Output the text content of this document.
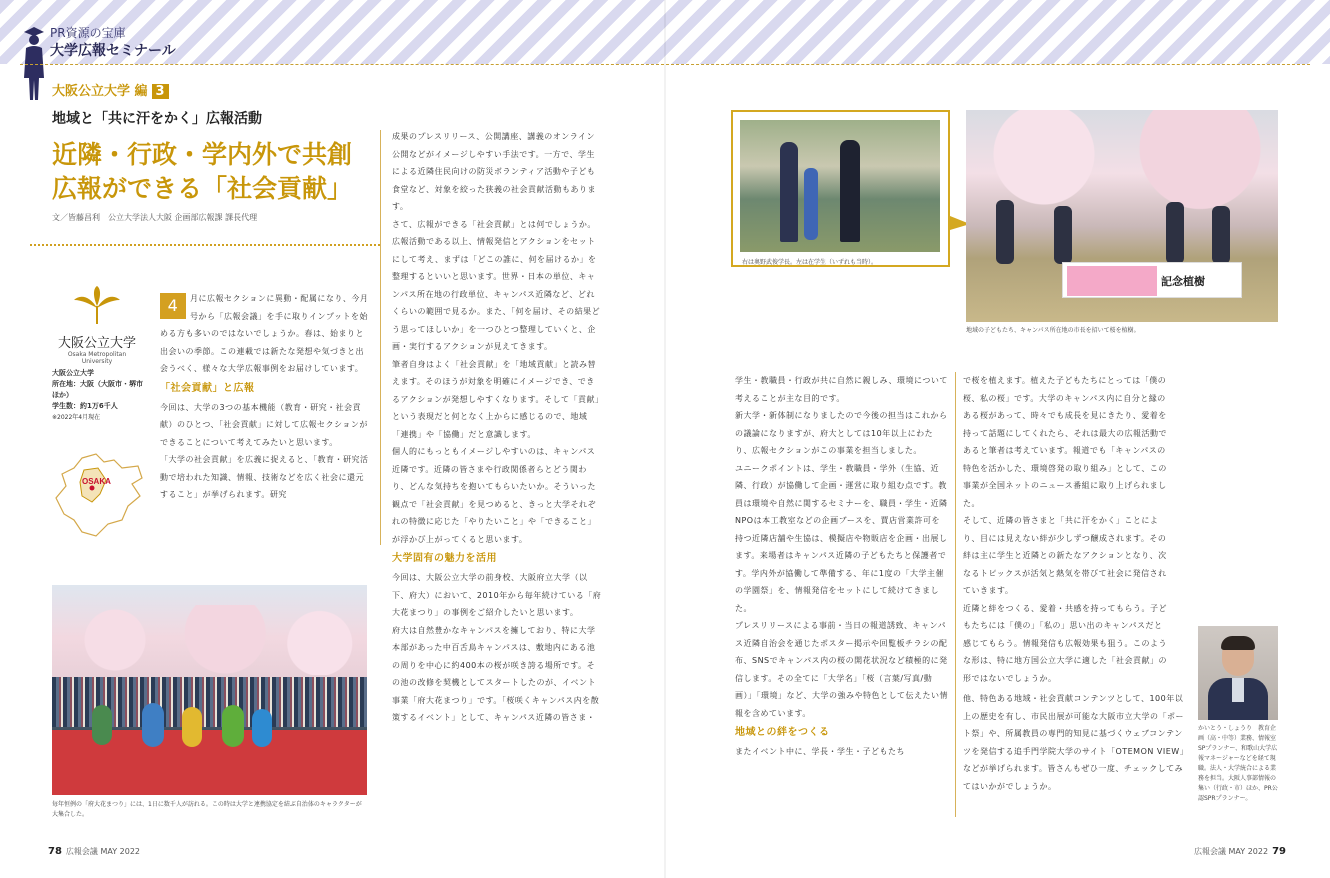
PR資源の宝庫
大学広報セミナール
大阪公立大学 編 3
地域と「共に汗をかく」広報活動
近隣・行政・学内外で共創
広報ができる「社会貢献」
文／皆藤昌利　公立大学法人大阪 企画部広報課 課長代理
大阪公立大学
Osaka Metropolitan University
大阪公立大学
所在地：大阪（大阪市・堺市ほか）
学生数：約1万6千人
※2022年4月現在
OSAKA
4	月に広報セクションに異動・配属になり、今月号から「広報会議」を手に取りインプットを始める方も多いのではないでしょうか。春は、始まりと出会いの季節。この連載では新たな発想や気づきと出会うべく、様々な大学広報事例をお届けしています。

「社会貢献」と広報

今回は、大学の3つの基本機能（教育・研究・社会貢献）のひとつ、「社会貢献」に対して広報セクションができることについて考えてみたいと思います。

「大学の社会貢献」を広義に捉えると、「教育・研究活動で培われた知識、情報、技術などを広く社会に還元すること」が挙げられます。研究

成果のプレスリリース、公開講座、講義のオンライン公開などがイメージしやすい手法です。一方で、学生による近隣住民向けの防災ボランティア活動や子ども食堂など、対象を絞った狭義の社会貢献活動もあります。

さて、広報ができる「社会貢献」とは何でしょうか。広報活動である以上、情報発信とアクションをセットにして考え、まずは「どこの誰に、何を届けるか」を整理するといいと思います。世界・日本の単位、キャンパス所在地の行政単位、キャンパス近隣など、どれくらいの範囲で見るか。また、「何を届け、その結果どう思ってほしいか」を一つひとつ整理していくと、企画・実行するアクションが見えてきます。

筆者自身はよく「社会貢献」を「地域貢献」と読み替えます。そのほうが対象を明確にイメージでき、できるアクションが発想しやすくなります。そして「貢献」という表現だと何となく上からに感じるので、地域「連携」や「協働」だと意識します。

個人的にもっともイメージしやすいのは、キャンパス近隣です。近隣の皆さまや行政関係者らとどう関わり、どんな気持ちを抱いてもらいたいか。そういった観点で「社会貢献」を見つめると、きっと大学それぞれの特徴に応じた「やりたいこと」や「できること」が浮かび上がってくると思います。

大学固有の魅力を活用

今回は、大阪公立大学の前身校、大阪府立大学（以下、府大）において、2010年から毎年続けている「府大花まつり」の事例をご紹介したいと思います。

府大は自然豊かなキャンパスを擁しており、特に大学本部があった中百舌鳥キャンパスは、敷地内にある池の周りを中心に約400本の桜が咲き誇る場所です。その池の改修を契機としてスタートしたのが、イベント事業「府大花まつり」です。「桜咲くキャンパス内を散策するイベント」として、キャンパス近隣の皆さま・

毎年恒例の「府大花まつり」には、1日に数千人が訪れる。この時は大学と連携協定を結ぶ自治体のキャラクターが大集合した。
右は奥野武俊学長。左は在学生（いずれも当時）。
記念植樹
地域の子どもたち、キャンパス所在地の市長を招いて桜を植樹。

学生・教職員・行政が共に自然に親しみ、環境について考えることが主な目的です。

新大学・新体制になりましたので今後の担当はこれからの議論になりますが、府大としては10年以上にわたり、広報セクションがこの事業を担当しました。

ユニークポイントは、学生・教職員・学外（生協、近隣、行政）が協働して企画・運営に取り組む点です。教員は環境や自然に関するセミナーを、職員・学生・近隣NPOは本工教室などの企画ブースを、賈店営業許可を持つ近隣店舗や生協は、模擬店や物販店を企画・出展します。来場者はキャンパス近隣の子どもたちと保護者です。学内外が協働して準備する、年に1度の「大学主催の学園祭」を、情報発信をセットにして続けてきました。

プレスリリースによる事前・当日の報道誘致、キャンパス近隣自治会を通じたポスター掲示や回覧板チラシの配布、SNSでキャンパス内の桜の開花状況など積極的に発信します。その全てに「大学名」「桜（言葉/写真/動画）」「環境」など、大学の強みや特色として伝えたい情報を含めています。

地域との絆をつくる

またイベント中に、学長・学生・子どもたち

で桜を植えます。植えた子どもたちにとっては「僕の桜、私の桜」です。大学のキャンパス内に自分と縁のある桜があって、時々でも成長を見にきたり、愛着を持って話題にしてくれたら、それは最大の広報活動であると筆者は考えています。報道でも「キャンパスの特色を活かした、環境啓発の取り組み」として、この事業が全国ネットのニュース番組に取り上げられました。

そして、近隣の皆さまと「共に汗をかく」ことにより、目には見えない絆が少しずつ醸成されます。その絆は主に学生と近隣との新たなアクションとなり、次なるトピックスが活気と熱気を帯びて社会に発信されていきます。

近隣と絆をつくる、愛着・共感を持ってもらう。子どもたちには「僕の」「私の」思い出のキャンパスだと感じてもらう。情報発信も広報効果も狙う。このような形は、特に地方国公立大学に適した「社会貢献」の形ではないでしょうか。

他、特色ある地域・社会貢献コンテンツとして、100年以上の歴史を有し、市民出展が可能な大阪市立大学の「ポート祭」や、所属教員の専門的知見に基づくウェブコンテンツを発信する追手門学院大学のサイト「OTEMON VIEW」などが挙げられます。皆さんもぜひ一度、チェックしてみてはいかがでしょうか。

かいとう・しょうり　教育企画（高・中等）業務、情報室SPプランナー、和歌山大学広報マネージャーなどを経て現職。法人・大学統合による業務を担当。大阪人事部情報の集い（行政・市）ほか、PR公認SPRプランナー。
78 広報会議 MAY 2022	広報会議 MAY 2022 79
